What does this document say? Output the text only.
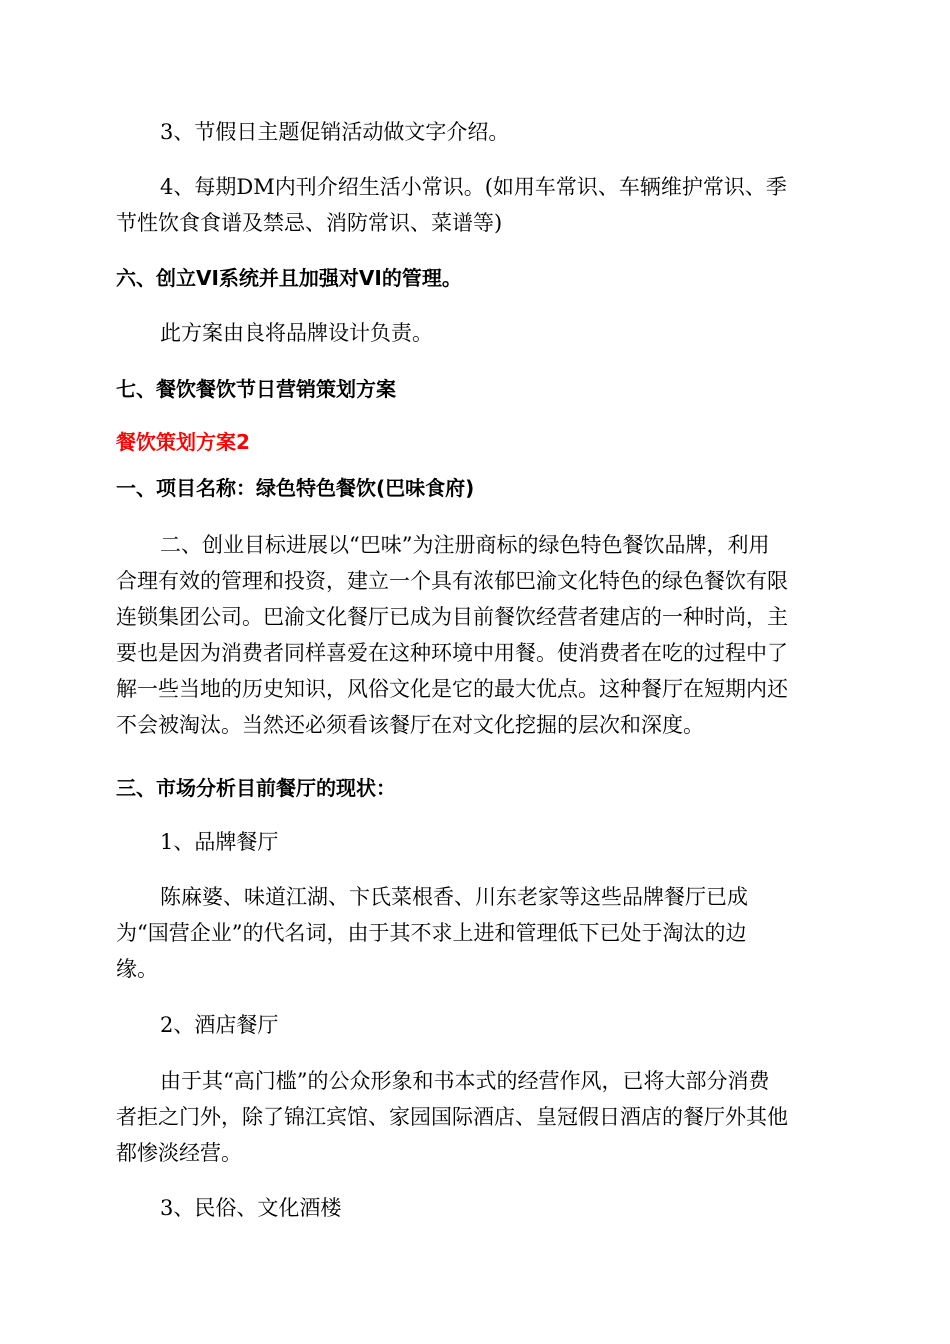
3、节假日主题促销活动做文字介绍。
4、每期DM内刊介绍生活小常识。(如用车常识、车辆维护常识、季
节性饮食食谱及禁忌、消防常识、菜谱等)
六、创立VI系统并且加强对VI的管理。
此方案由良将品牌设计负责。
七、餐饮餐饮节日营销策划方案
餐饮策划方案2
一、项目名称：绿色特色餐饮(巴味食府)
二、创业目标进展以“巴味”为注册商标的绿色特色餐饮品牌，利用
合理有效的管理和投资，建立一个具有浓郁巴渝文化特色的绿色餐饮有限
连锁集团公司。巴渝文化餐厅已成为目前餐饮经营者建店的一种时尚，主
要也是因为消费者同样喜爱在这种环境中用餐。使消费者在吃的过程中了
解一些当地的历史知识，风俗文化是它的最大优点。这种餐厅在短期内还
不会被淘汰。当然还必须看该餐厅在对文化挖掘的层次和深度。
三、市场分析目前餐厅的现状：
1、品牌餐厅
陈麻婆、味道江湖、卞氏菜根香、川东老家等这些品牌餐厅已成
为“国营企业”的代名词，由于其不求上进和管理低下已处于淘汰的边
缘。
2、酒店餐厅
由于其“高门槛”的公众形象和书本式的经营作风，已将大部分消费
者拒之门外，除了锦江宾馆、家园国际酒店、皇冠假日酒店的餐厅外其他
都惨淡经营。
3、民俗、文化酒楼
